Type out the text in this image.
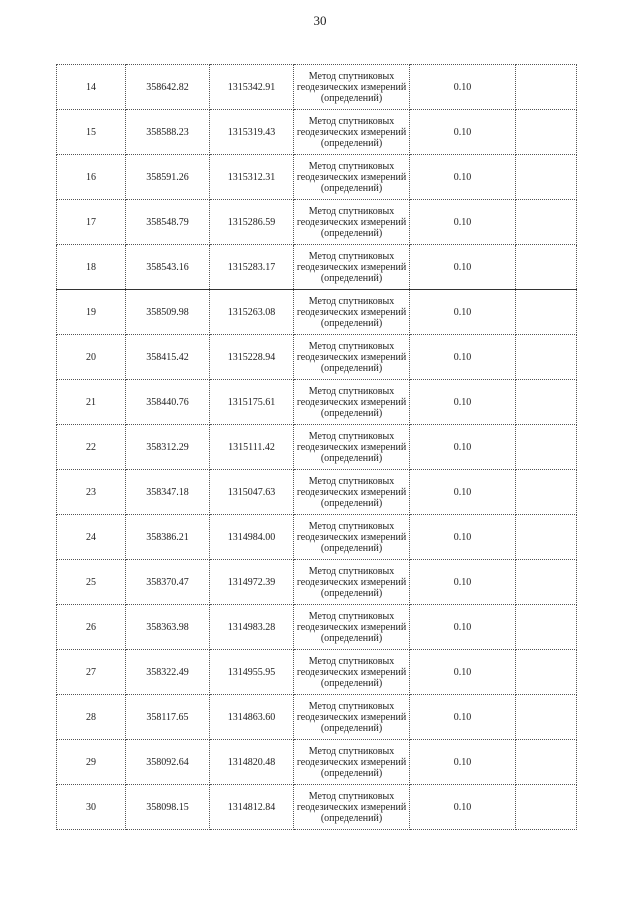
30
14	358642.82	1315342.91	Метод спутниковых
геодезических измерений
(определений)	0.10	
15	358588.23	1315319.43	Метод спутниковых
геодезических измерений
(определений)	0.10	
16	358591.26	1315312.31	Метод спутниковых
геодезических измерений
(определений)	0.10	
17	358548.79	1315286.59	Метод спутниковых
геодезических измерений
(определений)	0.10	
18	358543.16	1315283.17	Метод спутниковых
геодезических измерений
(определений)	0.10	
19	358509.98	1315263.08	Метод спутниковых
геодезических измерений
(определений)	0.10	
20	358415.42	1315228.94	Метод спутниковых
геодезических измерений
(определений)	0.10	
21	358440.76	1315175.61	Метод спутниковых
геодезических измерений
(определений)	0.10	
22	358312.29	1315111.42	Метод спутниковых
геодезических измерений
(определений)	0.10	
23	358347.18	1315047.63	Метод спутниковых
геодезических измерений
(определений)	0.10	
24	358386.21	1314984.00	Метод спутниковых
геодезических измерений
(определений)	0.10	
25	358370.47	1314972.39	Метод спутниковых
геодезических измерений
(определений)	0.10	
26	358363.98	1314983.28	Метод спутниковых
геодезических измерений
(определений)	0.10	
27	358322.49	1314955.95	Метод спутниковых
геодезических измерений
(определений)	0.10	
28	358117.65	1314863.60	Метод спутниковых
геодезических измерений
(определений)	0.10	
29	358092.64	1314820.48	Метод спутниковых
геодезических измерений
(определений)	0.10	
30	358098.15	1314812.84	Метод спутниковых
геодезических измерений
(определений)	0.10	
